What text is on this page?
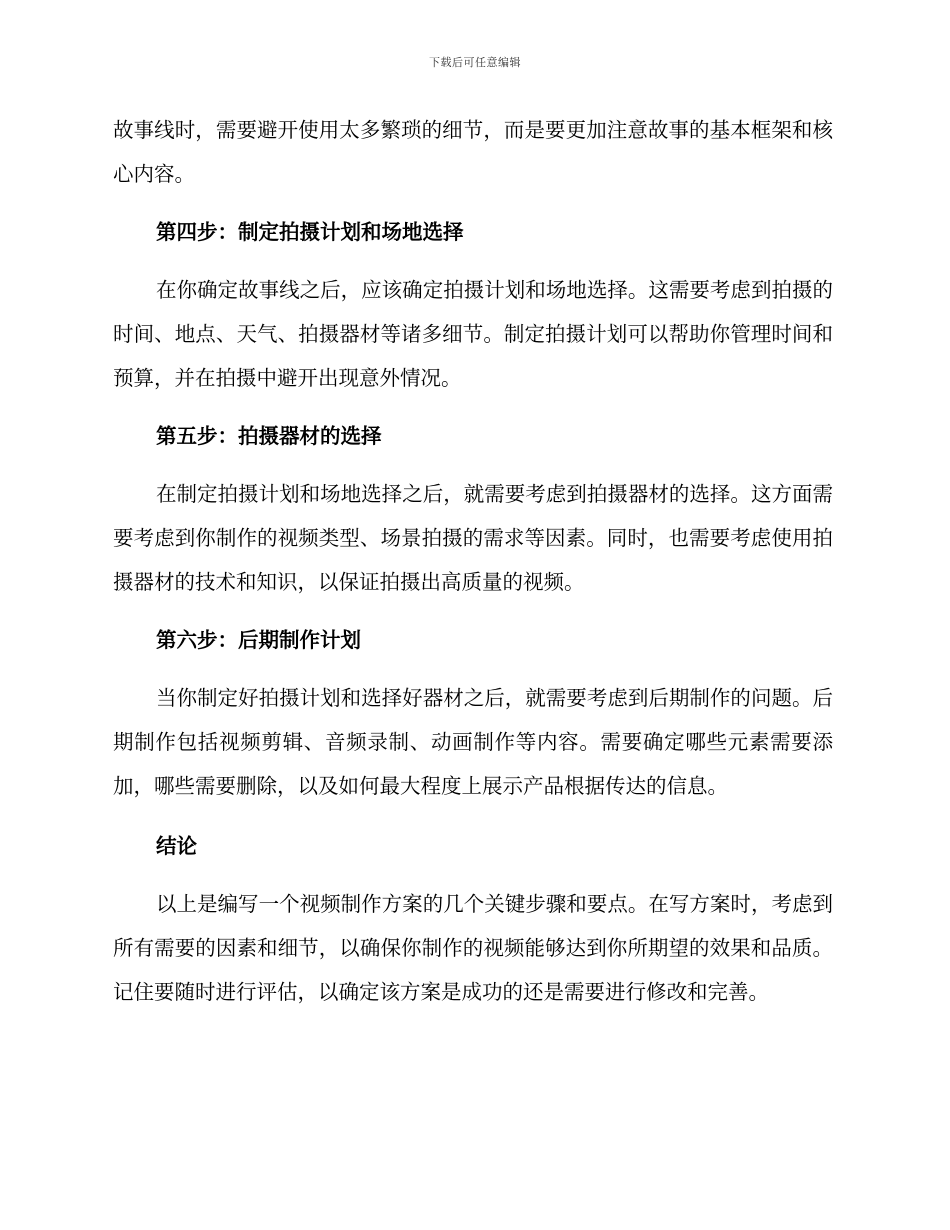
下载后可任意编辑

故事线时，需要避开使用太多繁琐的细节，而是要更加注意故事的基本框架和核心内容。

第四步：制定拍摄计划和场地选择

在你确定故事线之后，应该确定拍摄计划和场地选择。这需要考虑到拍摄的时间、地点、天气、拍摄器材等诸多细节。制定拍摄计划可以帮助你管理时间和预算，并在拍摄中避开出现意外情况。

第五步：拍摄器材的选择

在制定拍摄计划和场地选择之后，就需要考虑到拍摄器材的选择。这方面需要考虑到你制作的视频类型、场景拍摄的需求等因素。同时，也需要考虑使用拍摄器材的技术和知识，以保证拍摄出高质量的视频。

第六步：后期制作计划

当你制定好拍摄计划和选择好器材之后，就需要考虑到后期制作的问题。后期制作包括视频剪辑、音频录制、动画制作等内容。需要确定哪些元素需要添加，哪些需要删除，以及如何最大程度上展示产品根据传达的信息。

结论

以上是编写一个视频制作方案的几个关键步骤和要点。在写方案时，考虑到所有需要的因素和细节，以确保你制作的视频能够达到你所期望的效果和品质。记住要随时进行评估，以确定该方案是成功的还是需要进行修改和完善。
